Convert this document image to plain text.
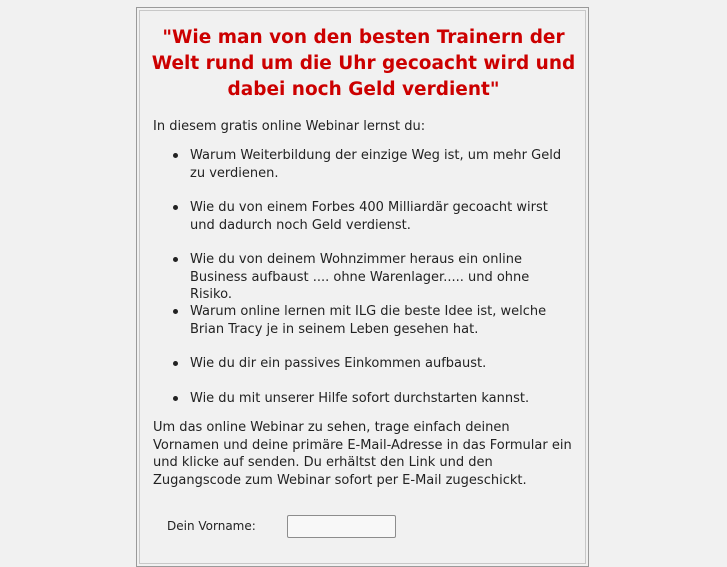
"Wie man von den besten Trainern der Welt rund um die Uhr gecoacht wird und dabei noch Geld verdient"

In diesem gratis online Webinar lernst du:

Warum Weiterbildung der einzige Weg ist, um mehr Geld zu verdienen.
Wie du von einem Forbes 400 Milliardär gecoacht wirst und dadurch noch Geld verdienst.
Wie du von deinem Wohnzimmer heraus ein online Business aufbaust .... ohne Warenlager..... und ohne Risiko.
Warum online lernen mit ILG die beste Idee ist, welche Brian Tracy je in seinem Leben gesehen hat.
Wie du dir ein passives Einkommen aufbaust.
Wie du mit unserer Hilfe sofort durchstarten kannst.

Um das online Webinar zu sehen, trage einfach deinen Vornamen und deine primäre E-Mail-Adresse in das Formular ein und klicke auf senden. Du erhältst den Link und den Zugangscode zum Webinar sofort per E-Mail zugeschickt.

Dein Vorname:
